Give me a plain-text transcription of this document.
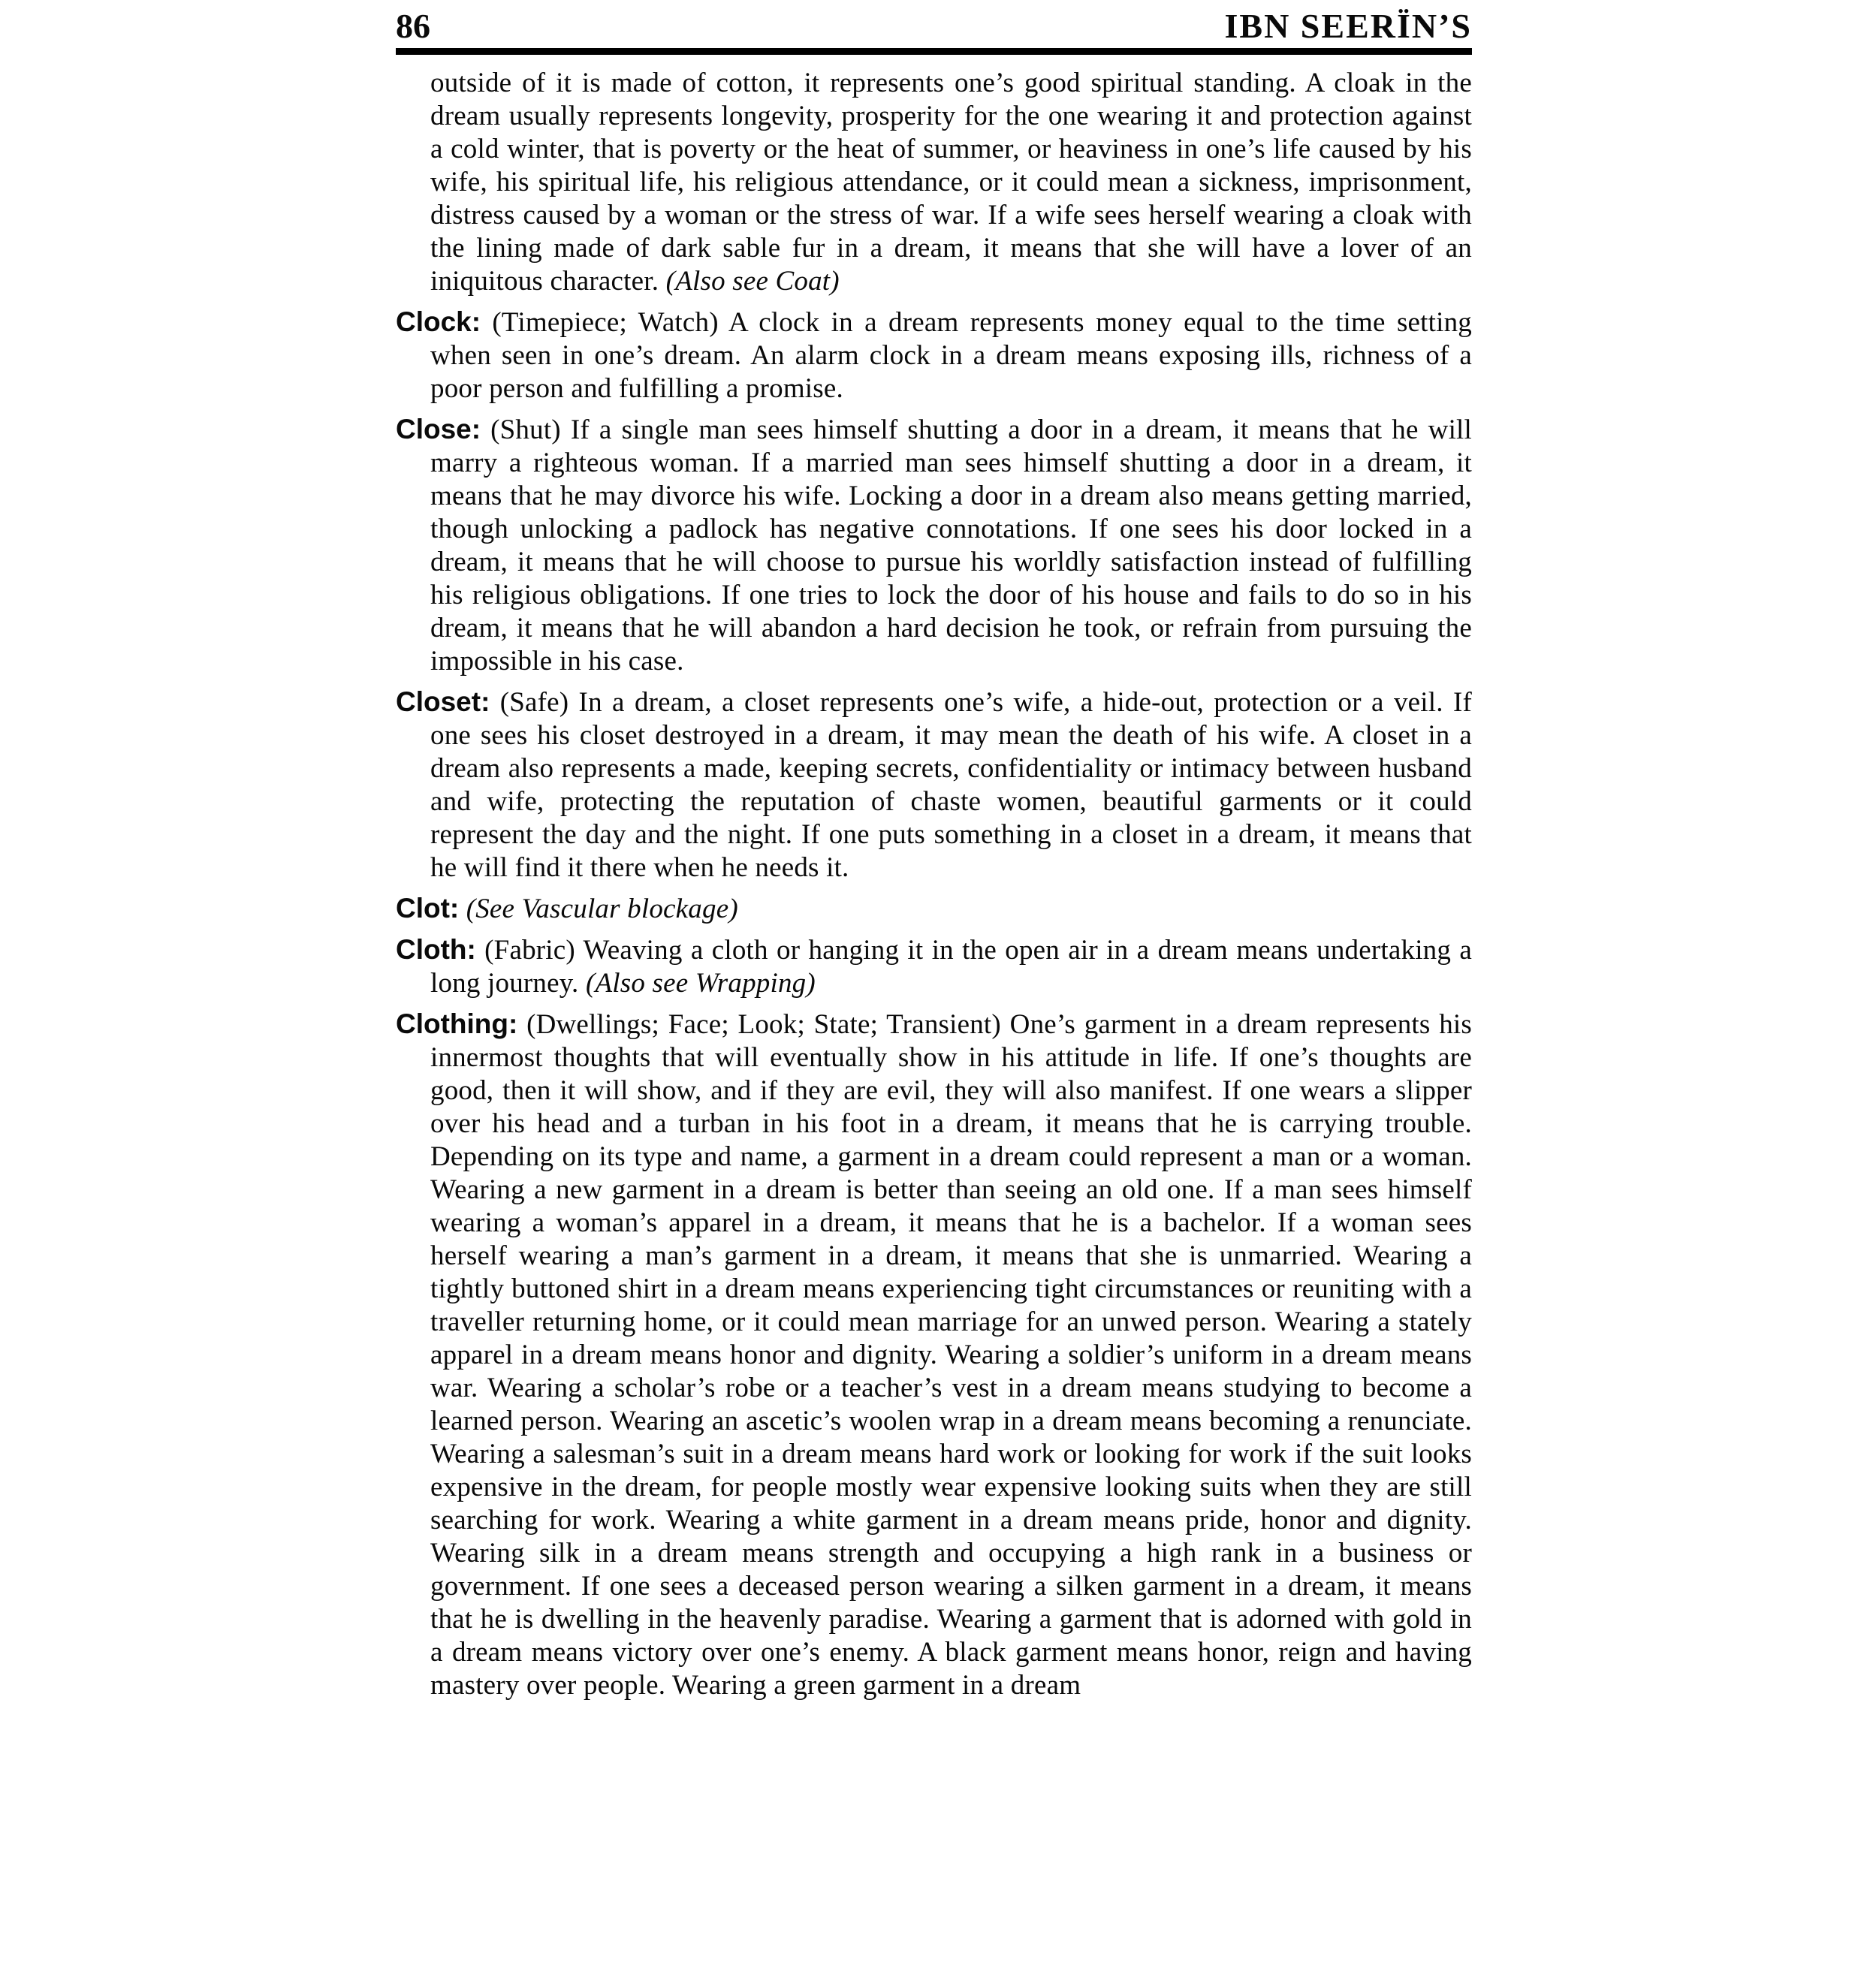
86	IBN SEERÏN’S

outside of it is made of cotton, it represents one’s good spiritual standing. A cloak in the dream usually represents longevity, prosperity for the one wearing it and protection against a cold winter, that is poverty or the heat of summer, or heaviness in one’s life caused by his wife, his spiritual life, his religious attendance, or it could mean a sickness, imprisonment, distress caused by a woman or the stress of war. If a wife sees herself wearing a cloak with the lining made of dark sable fur in a dream, it means that she will have a lover of an iniquitous character. (Also see Coat)

Clock: (Timepiece; Watch) A clock in a dream represents money equal to the time setting when seen in one’s dream. An alarm clock in a dream means exposing ills, richness of a poor person and fulfilling a promise.

Close: (Shut) If a single man sees himself shutting a door in a dream, it means that he will marry a righteous woman. If a married man sees himself shutting a door in a dream, it means that he may divorce his wife. Locking a door in a dream also means getting married, though unlocking a padlock has negative connotations. If one sees his door locked in a dream, it means that he will choose to pursue his worldly satisfaction instead of fulfilling his religious obligations. If one tries to lock the door of his house and fails to do so in his dream, it means that he will abandon a hard decision he took, or refrain from pursuing the impossible in his case.

Closet: (Safe) In a dream, a closet represents one’s wife, a hide-out, protection or a veil. If one sees his closet destroyed in a dream, it may mean the death of his wife. A closet in a dream also represents a made, keeping secrets, confidentiality or intimacy between husband and wife, protecting the reputation of chaste women, beautiful garments or it could represent the day and the night. If one puts something in a closet in a dream, it means that he will find it there when he needs it.

Clot: (See Vascular blockage)

Cloth: (Fabric) Weaving a cloth or hanging it in the open air in a dream means undertaking a long journey. (Also see Wrapping)

Clothing: (Dwellings; Face; Look; State; Transient) One’s garment in a dream represents his innermost thoughts that will eventually show in his attitude in life. If one’s thoughts are good, then it will show, and if they are evil, they will also manifest. If one wears a slipper over his head and a turban in his foot in a dream, it means that he is carrying trouble. Depending on its type and name, a garment in a dream could represent a man or a woman. Wearing a new garment in a dream is better than seeing an old one. If a man sees himself wearing a woman’s apparel in a dream, it means that he is a bachelor. If a woman sees herself wearing a man’s garment in a dream, it means that she is unmarried. Wearing a tightly buttoned shirt in a dream means experiencing tight circumstances or reuniting with a traveller returning home, or it could mean marriage for an unwed person. Wearing a stately apparel in a dream means honor and dignity. Wearing a soldier’s uniform in a dream means war. Wearing a scholar’s robe or a teacher’s vest in a dream means studying to become a learned person. Wearing an ascetic’s woolen wrap in a dream means becoming a renunciate. Wearing a salesman’s suit in a dream means hard work or looking for work if the suit looks expensive in the dream, for people mostly wear expensive looking suits when they are still searching for work. Wearing a white garment in a dream means pride, honor and dignity. Wearing silk in a dream means strength and occupying a high rank in a business or government. If one sees a deceased person wearing a silken garment in a dream, it means that he is dwelling in the heavenly paradise. Wearing a garment that is adorned with gold in a dream means victory over one’s enemy. A black garment means honor, reign and having mastery over people. Wearing a green garment in a dream
